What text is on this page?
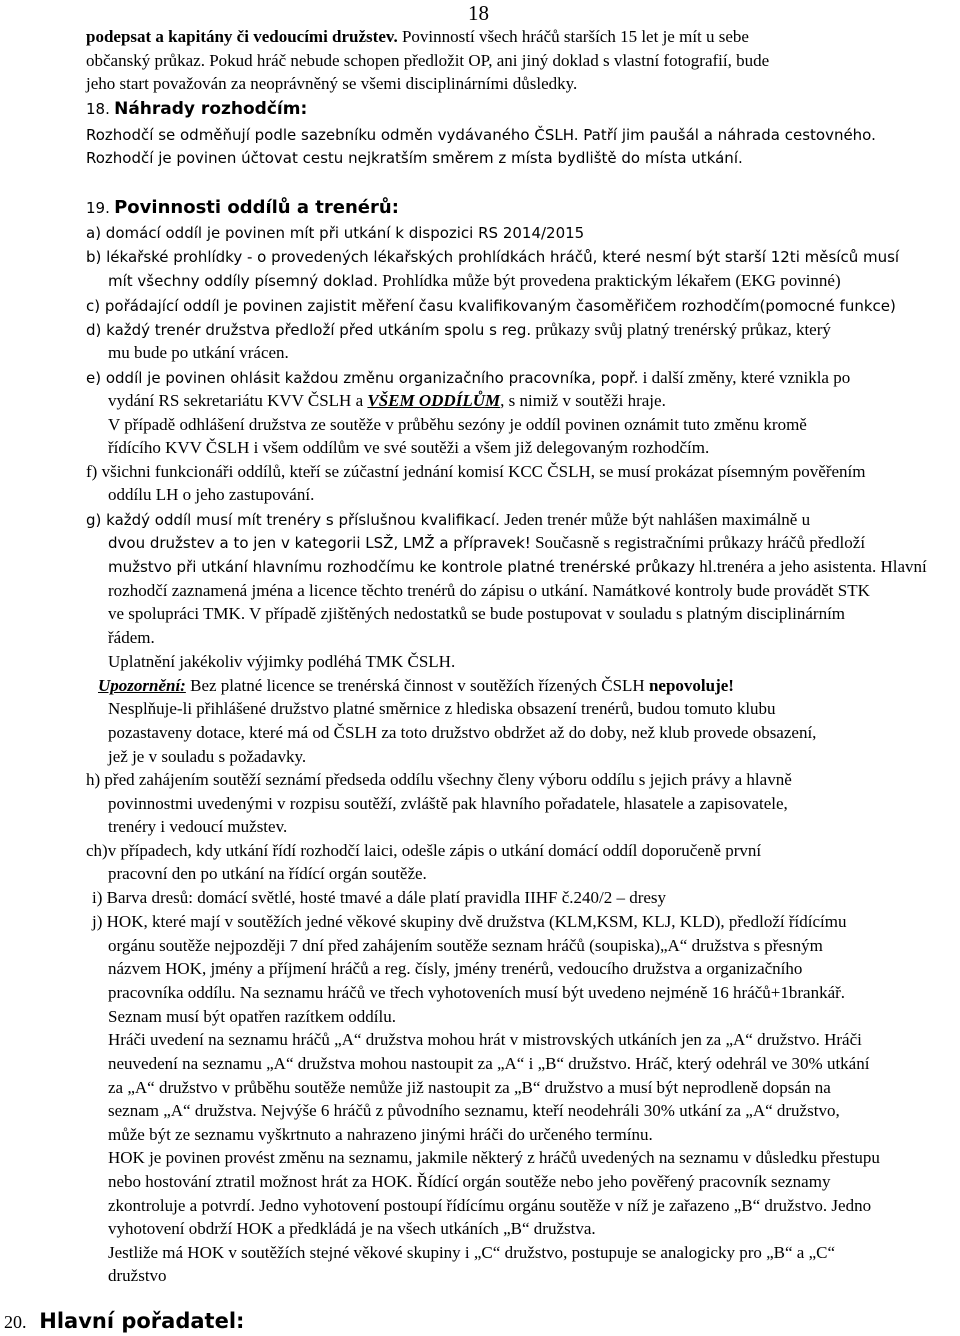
18
podepsat a kapitány či vedoucími družstev. Povinností všech hráčů starších 15 let je mít u sebe
občanský průkaz. Pokud hráč nebude schopen předložit OP, ani jiný doklad s vlastní fotografií, bude
jeho start považován za neoprávněný se všemi disciplinárními důsledky.
18. Náhrady rozhodčím:
Rozhodčí se odměňují podle sazebníku odměn vydávaného ČSLH. Patří jim paušál a náhrada cestovného.
Rozhodčí je povinen účtovat cestu nejkratším směrem z místa bydliště do místa utkání.
19. Povinnosti oddílů a trenérů:
a) domácí oddíl je povinen mít při utkání k dispozici RS 2014/2015
b) lékařské prohlídky - o provedených lékařských prohlídkách hráčů, které nesmí být starší 12ti měsíců musí
mít všechny oddíly písemný doklad. Prohlídka může být provedena praktickým lékařem (EKG povinné)
c) pořádající oddíl je povinen zajistit měření času kvalifikovaným časoměřičem rozhodčím(pomocné funkce)
d) každý trenér družstva předloží před utkáním spolu s reg. průkazy svůj platný trenérský průkaz, který
mu bude po utkání vrácen.
e) oddíl je povinen ohlásit každou změnu organizačního pracovníka, popř. i další změny, které vznikla po
vydání RS sekretariátu KVV ČSLH a VŠEM ODDÍLŮM, s nimiž v soutěži hraje.
V případě odhlášení družstva ze soutěže v průběhu sezóny je oddíl povinen oznámit tuto změnu kromě
řídícího KVV ČSLH i všem oddílům ve své soutěži a všem již delegovaným rozhodčím.
f) všichni funkcionáři oddílů, kteří se zúčastní jednání komisí KCC ČSLH, se musí prokázat písemným pověřením
oddílu LH o jeho zastupování.
g) každý oddíl musí mít trenéry s příslušnou kvalifikací. Jeden trenér může být nahlášen maximálně u
dvou družstev a to jen v kategorii LSŽ, LMŽ a přípravek! Současně s registračními průkazy hráčů předloží
mužstvo při utkání hlavnímu rozhodčímu ke kontrole platné trenérské průkazy hl.trenéra a jeho asistenta. Hlavní
rozhodčí zaznamená jména a licence těchto trenérů do zápisu o utkání. Namátkové kontroly bude provádět STK
ve spolupráci TMK. V případě zjištěných nedostatků se bude postupovat v souladu s platným disciplinárním
řádem.
Uplatnění jakékoliv výjimky podléhá TMK ČSLH.
Upozornění: Bez platné licence se trenérská činnost v soutěžích řízených ČSLH nepovoluje!
Nesplňuje-li přihlášené družstvo platné směrnice z hlediska obsazení trenérů, budou tomuto klubu
pozastaveny dotace, které má od ČSLH za toto družstvo obdržet až do doby, než klub provede obsazení,
jež je v souladu s požadavky.
h) před zahájením soutěží seznámí předseda oddílu všechny členy výboru oddílu s jejich právy a hlavně
povinnostmi uvedenými v rozpisu soutěží, zvláště pak hlavního pořadatele, hlasatele a zapisovatele,
trenéry i vedoucí mužstev.
ch)v případech, kdy utkání řídí rozhodčí laici, odešle zápis o utkání domácí oddíl doporučeně první
pracovní den po utkání na řídící orgán soutěže.
i) Barva dresů: domácí světlé, hosté tmavé a dále platí pravidla IIHF č.240/2 – dresy
j) HOK, které mají v soutěžích jedné věkové skupiny dvě družstva (KLM,KSM, KLJ, KLD), předloží řídícímu
orgánu soutěže nejpozději 7 dní před zahájením soutěže seznam hráčů (soupiska)„A“ družstva s přesným
názvem HOK, jmény a příjmení hráčů a reg. čísly, jmény trenérů, vedoucího družstva a organizačního
pracovníka oddílu. Na seznamu hráčů ve třech vyhotoveních musí být uvedeno nejméně 16 hráčů+1brankář.
Seznam musí být opatřen razítkem oddílu.
Hráči uvedení na seznamu hráčů „A“ družstva mohou hrát v mistrovských utkáních jen za „A“ družstvo. Hráči
neuvedení na seznamu „A“ družstva mohou nastoupit za „A“ i „B“ družstvo. Hráč, který odehrál ve 30% utkání
za „A“ družstvo v průběhu soutěže nemůže již nastoupit za „B“ družstvo a musí být neprodleně dopsán na
seznam „A“ družstva. Nejvýše 6 hráčů z původního seznamu, kteří neodehráli 30% utkání za „A“ družstvo,
může být ze seznamu vyškrtnuto a nahrazeno jinými hráči do určeného termínu.
HOK je povinen provést změnu na seznamu, jakmile některý z hráčů uvedených na seznamu v důsledku přestupu
nebo hostování ztratil možnost hrát za HOK. Řídící orgán soutěže nebo jeho pověřený pracovník seznamy
zkontroluje a potvrdí. Jedno vyhotovení postoupí řídícímu orgánu soutěže v níž je zařazeno „B“ družstvo. Jedno
vyhotovení obdrží HOK a předkládá je na všech utkáních „B“ družstva.
Jestliže má HOK v soutěžích stejné věkové skupiny i „C“ družstvo, postupuje se analogicky pro „B“ a „C“
družstvo
20. Hlavní pořadatel:
